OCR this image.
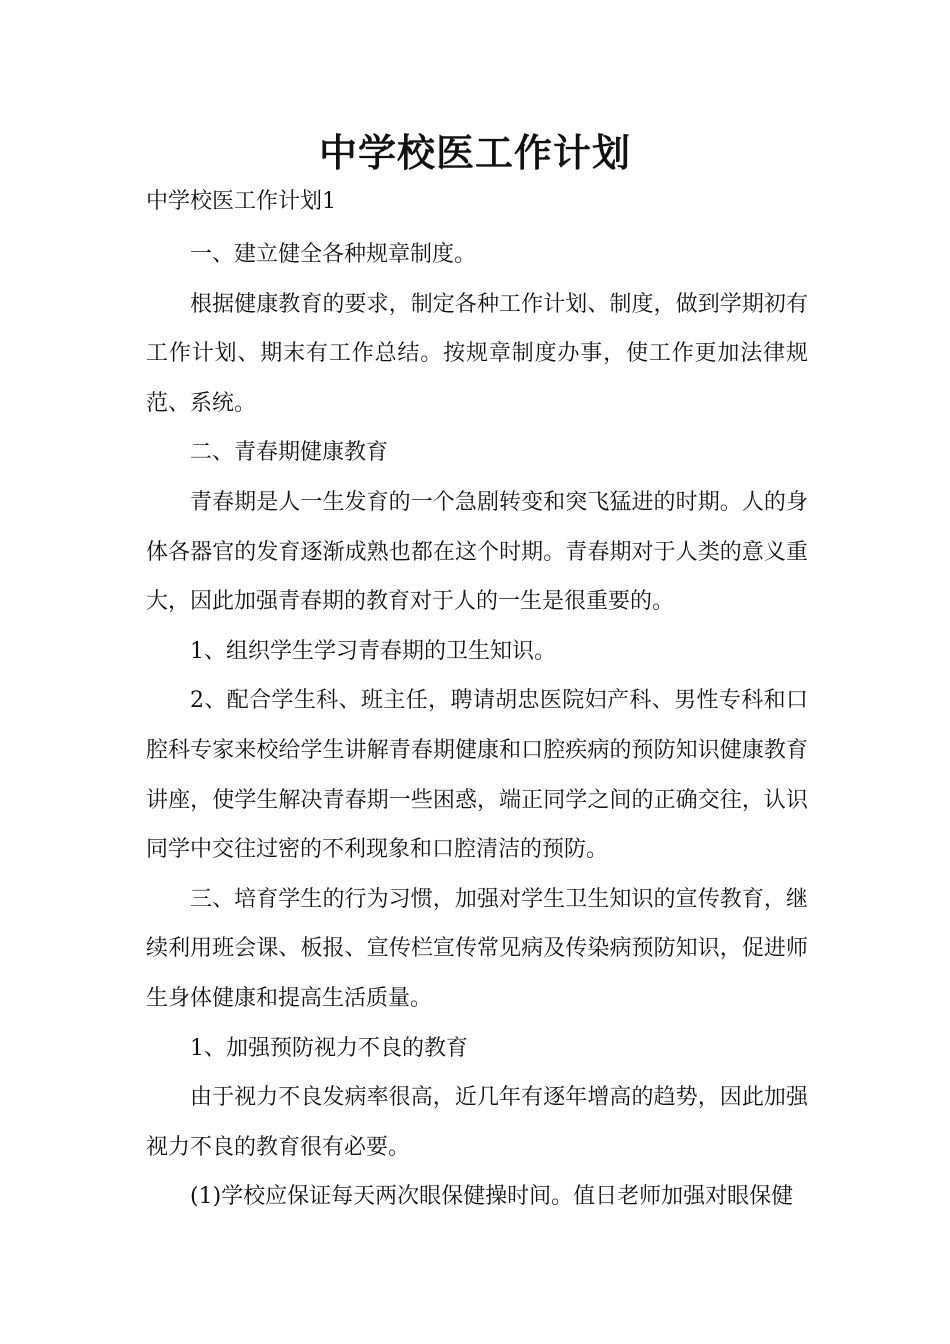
中学校医工作计划
中学校医工作计划1

一、建立健全各种规章制度。

根据健康教育的要求，制定各种工作计划、制度，做到学期初有工作计划、期末有工作总结。按规章制度办事，使工作更加法律规范、系统。

二、青春期健康教育

青春期是人一生发育的一个急剧转变和突飞猛进的时期。人的身体各器官的发育逐渐成熟也都在这个时期。青春期对于人类的意义重大，因此加强青春期的教育对于人的一生是很重要的。

1、组织学生学习青春期的卫生知识。

2、配合学生科、班主任，聘请胡忠医院妇产科、男性专科和口腔科专家来校给学生讲解青春期健康和口腔疾病的预防知识健康教育讲座，使学生解决青春期一些困惑，端正同学之间的正确交往，认识同学中交往过密的不利现象和口腔清洁的预防。

三、培育学生的行为习惯，加强对学生卫生知识的宣传教育，继续利用班会课、板报、宣传栏宣传常见病及传染病预防知识，促进师生身体健康和提高生活质量。

1、加强预防视力不良的教育

由于视力不良发病率很高，近几年有逐年增高的趋势，因此加强视力不良的教育很有必要。

(1)学校应保证每天两次眼保健操时间。值日老师加强对眼保健
